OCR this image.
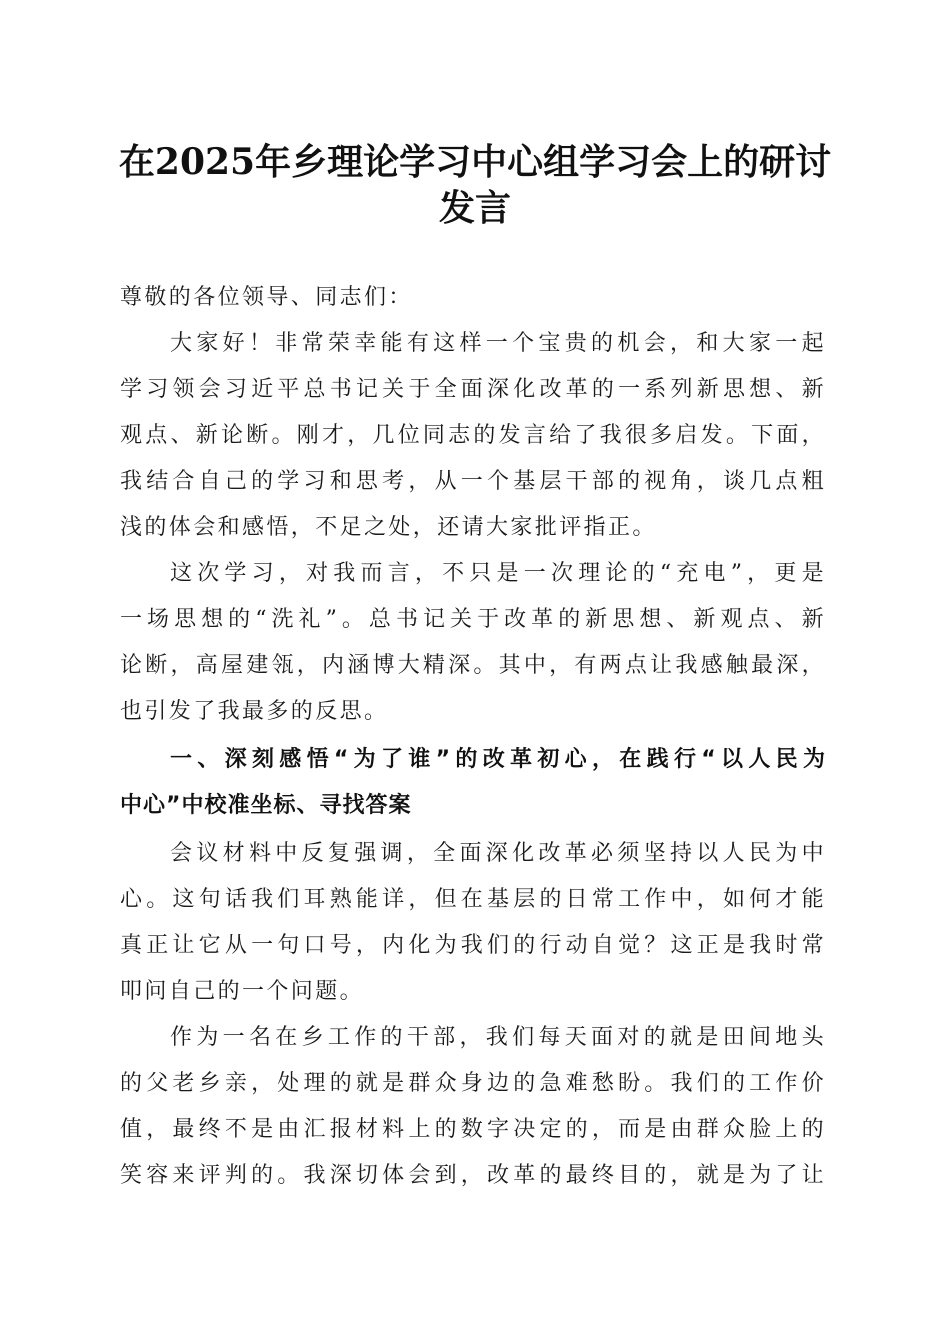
在2025年乡理论学习中心组学习会上的研讨
发言
尊敬的各位领导、同志们：
大家好！非常荣幸能有这样一个宝贵的机会，和大家一起
学习领会习近平总书记关于全面深化改革的一系列新思想、新
观点、新论断。刚才，几位同志的发言给了我很多启发。下面，
我结合自己的学习和思考，从一个基层干部的视角，谈几点粗
浅的体会和感悟，不足之处，还请大家批评指正。
这次学习，对我而言，不只是一次理论的“充电”，更是
一场思想的“洗礼”。总书记关于改革的新思想、新观点、新
论断，高屋建瓴，内涵博大精深。其中，有两点让我感触最深，
也引发了我最多的反思。
一、深刻感悟“为了谁”的改革初心，在践行“以人民为
中心”中校准坐标、寻找答案
会议材料中反复强调，全面深化改革必须坚持以人民为中
心。这句话我们耳熟能详，但在基层的日常工作中，如何才能
真正让它从一句口号，内化为我们的行动自觉？这正是我时常
叩问自己的一个问题。
作为一名在乡工作的干部，我们每天面对的就是田间地头
的父老乡亲，处理的就是群众身边的急难愁盼。我们的工作价
值，最终不是由汇报材料上的数字决定的，而是由群众脸上的
笑容来评判的。我深切体会到，改革的最终目的，就是为了让
